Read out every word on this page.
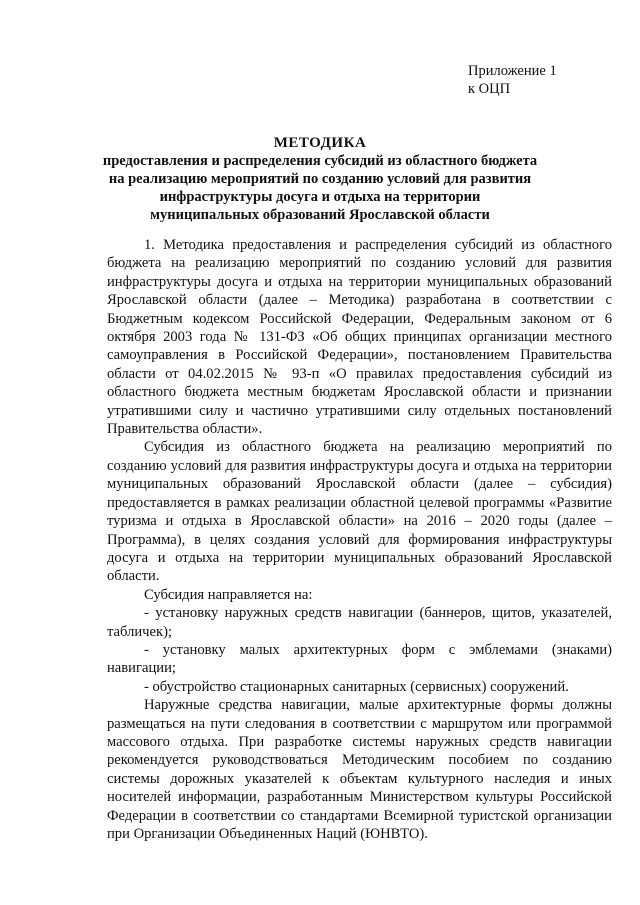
Приложение 1
к ОЦП
МЕТОДИКА
предоставления и распределения субсидий из областного бюджета
на реализацию мероприятий по созданию условий для развития
инфраструктуры досуга и отдыха на территории
муниципальных образований Ярославской области

1. Методика предоставления и распределения субсидий из областного бюджета на реализацию мероприятий по созданию условий для развития инфраструктуры досуга и отдыха на территории муниципальных образований Ярославской области (далее – Методика) разработана в соответствии с Бюджетным кодексом Российской Федерации, Федеральным законом от 6 октября 2003 года № 131-ФЗ «Об общих принципах организации местного самоуправления в Российской Федерации», постановлением Правительства области от 04.02.2015 № 93-п «О правилах предоставления субсидий из областного бюджета местным бюджетам Ярославской области и признании утратившими силу и частично утратившими силу отдельных постановлений Правительства области».

Субсидия из областного бюджета на реализацию мероприятий по созданию условий для развития инфраструктуры досуга и отдыха на территории муниципальных образований Ярославской области (далее – субсидия) предоставляется в рамках реализации областной целевой программы «Развитие туризма и отдыха в Ярославской области» на 2016 – 2020 годы (далее – Программа), в целях создания условий для формирования инфраструктуры досуга и отдыха на территории муниципальных образований Ярославской области.

Субсидия направляется на:

- установку наружных средств навигации (баннеров, щитов, указателей, табличек);

- установку малых архитектурных форм с эмблемами (знаками) навигации;

- обустройство стационарных санитарных (сервисных) сооружений.

Наружные средства навигации, малые архитектурные формы должны размещаться на пути следования в соответствии с маршрутом или программой массового отдыха. При разработке системы наружных средств навигации рекомендуется руководствоваться Методическим пособием по созданию системы дорожных указателей к объектам культурного наследия и иных носителей информации, разработанным Министерством культуры Российской Федерации в соответствии со стандартами Всемирной туристской организации при Организации Объединенных Наций (ЮНВТО).
